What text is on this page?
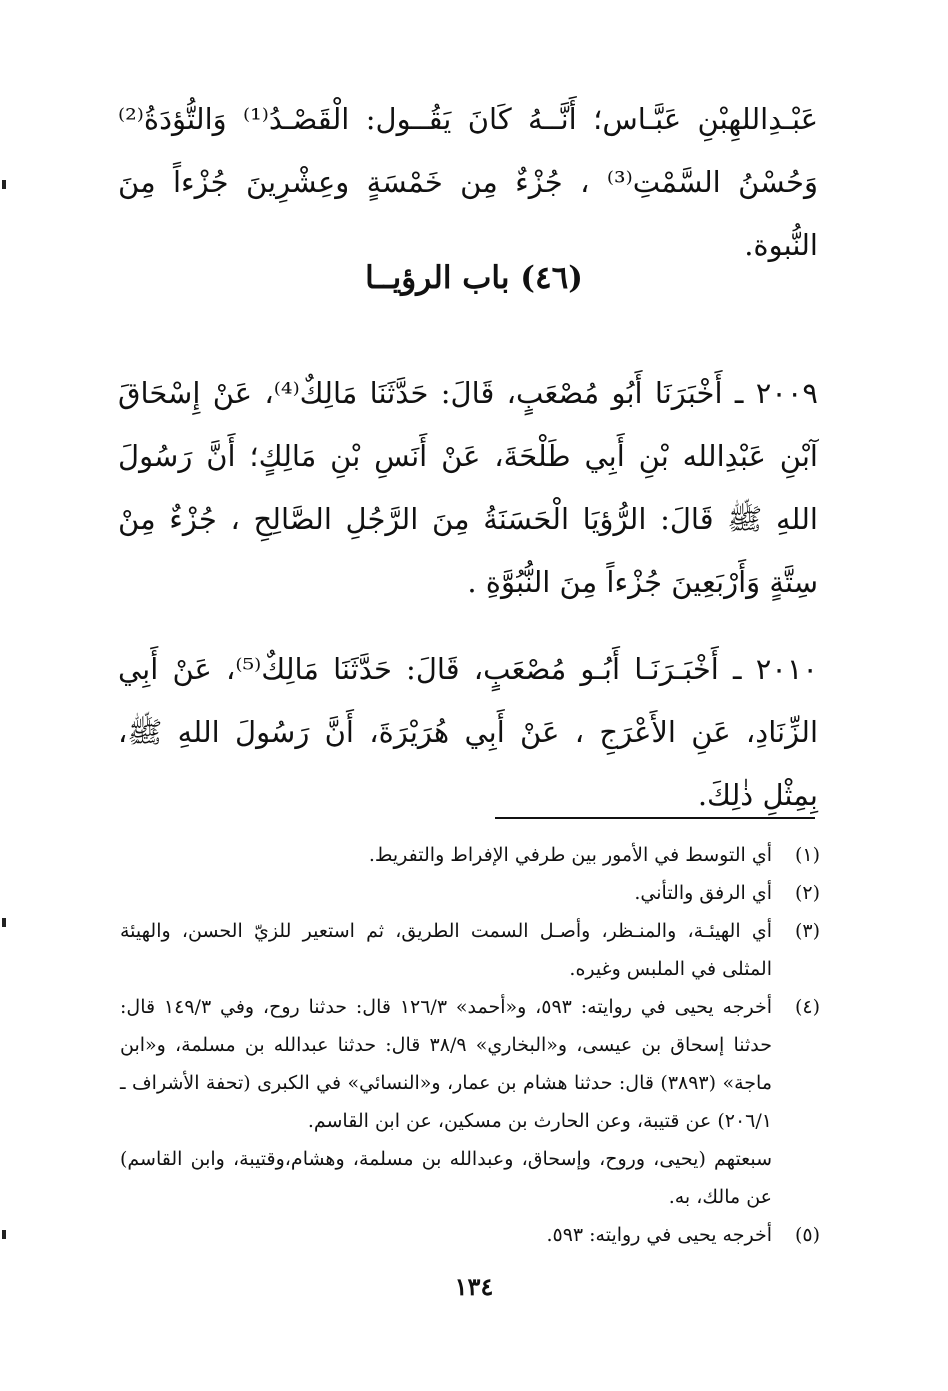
عَبْـدِاللهِبْنِ عَبَّـاس؛ أَنَّــهُ كَانَ يَقُــول: الْقَصْـدُ⁽¹⁾ وَالتُّؤدَةُ⁽²⁾ وَحُسْنُ السَّمْتِ⁽³⁾ ، جُزْءٌ مِن خَمْسَةٍ وعِشْرِينَ جُزْءاً مِنَ النُّبوة.

(٤٦) باب الرؤيــا

٢٠٠٩ ـ أَخْبَرَنَا أَبُو مُصْعَبٍ، قَالَ: حَدَّثَنَا مَالِكٌ⁽⁴⁾، عَنْ إِسْحَاقَ آبْنِ عَبْدِالله بْنِ أَبِي طَلْحَةَ، عَنْ أَنَسِ بْنِ مَالِكٍ؛ أَنَّ رَسُولَ اللهِ ﷺ قَالَ: الرُّؤيَا الْحَسَنَةُ مِنَ الرَّجُلِ الصَّالِحِ ، جُزْءٌ مِنْ سِتَّةٍ وَأَرْبَعِينَ جُزْءاً مِنَ النُّبُوَّةِ .

٢٠١٠ ـ أَخْبَـرَنَـا أَبُـو مُصْعَبٍ، قَالَ: حَدَّثَنَا مَالِكٌ⁽⁵⁾، عَنْ أَبِي الزِّنَادِ، عَنِ الأَعْرَجِ ، عَنْ أَبِي هُرَيْرَةَ، أَنَّ رَسُولَ اللهِ ﷺ، بِمِثْلِ ذٰلِكَ.

(١)
أي التوسط في الأمور بين طرفي الإفراط والتفريط.
(٢)
أي الرفق والتأني.
(٣)
أي الهيئـة، والمنـظر، وأصـل السمت الطريق، ثم استعير للزيّ الحسن، والهيئة المثلى في الملبس وغيره.
(٤)
أخرجه يحيى في روايته: ٥٩٣، و«أحمد» ١٢٦/٣ قال: حدثنا روح، وفي ١٤٩/٣ قال: حدثنا إسحاق بن عيسى، و«البخاري» ٣٨/٩ قال: حدثنا عبدالله بن مسلمة، و«ابن ماجة» (٣٨٩٣) قال: حدثنا هشام بن عمار، و«النسائي» في الكبرى (تحفة الأشراف ـ ٢٠٦/١) عن قتيبة، وعن الحارث بن مسكين، عن ابن القاسم.
سبعتهم (يحيى، وروح، وإسحاق، وعبدالله بن مسلمة، وهشام،وقتيبة، وابن القاسم) عن مالك، به.
(٥)
أخرجه يحيى في روايته: ٥٩٣.
١٣٤
